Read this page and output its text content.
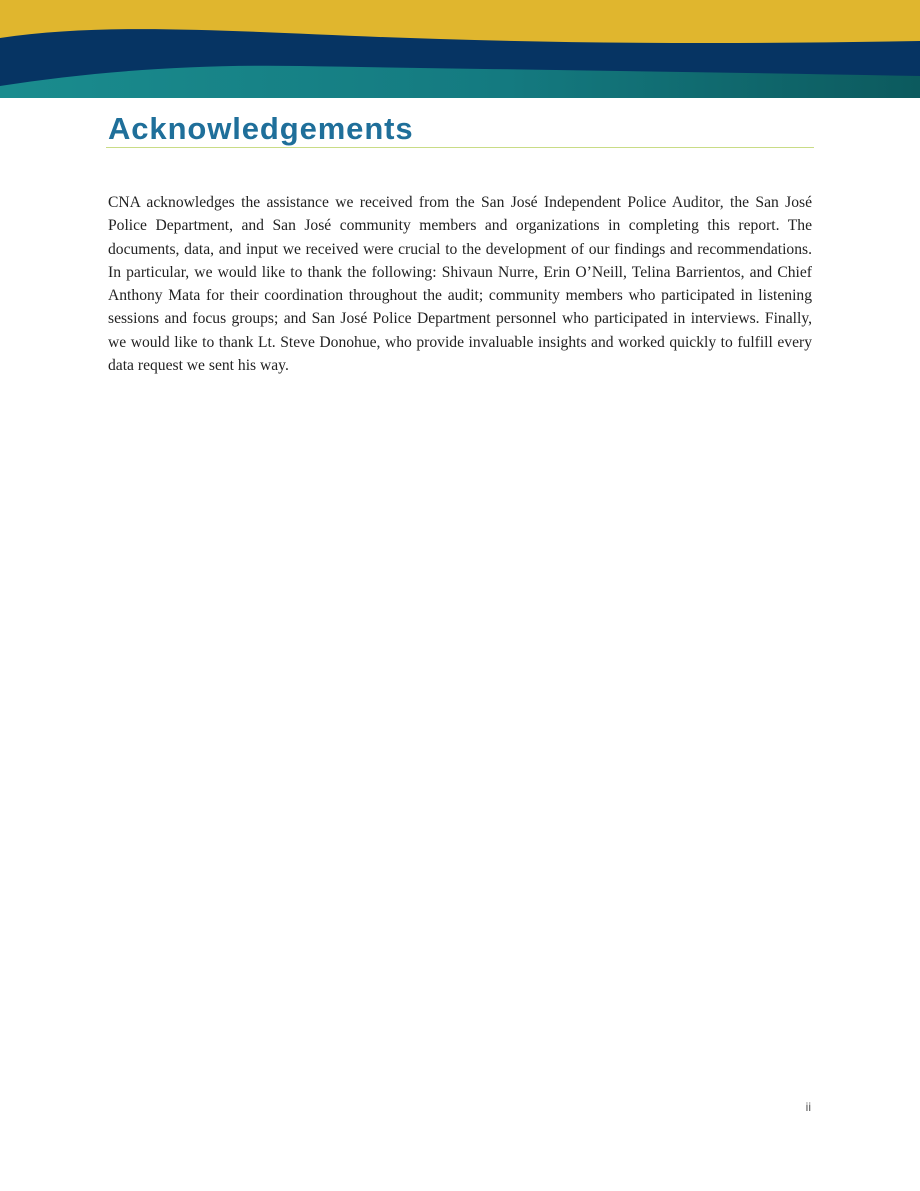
Acknowledgements

CNA acknowledges the assistance we received from the San José Independent Police Auditor, the San José Police Department, and San José community members and organizations in completing this report. The documents, data, and input we received were crucial to the development of our findings and recommendations. In particular, we would like to thank the following: Shivaun Nurre, Erin O’Neill, Telina Barrientos, and Chief Anthony Mata for their coordination throughout the audit; community members who participated in listening sessions and focus groups; and San José Police Department personnel who participated in interviews. Finally, we would like to thank Lt. Steve Donohue, who provide invaluable insights and worked quickly to fulfill every data request we sent his way.

ii
